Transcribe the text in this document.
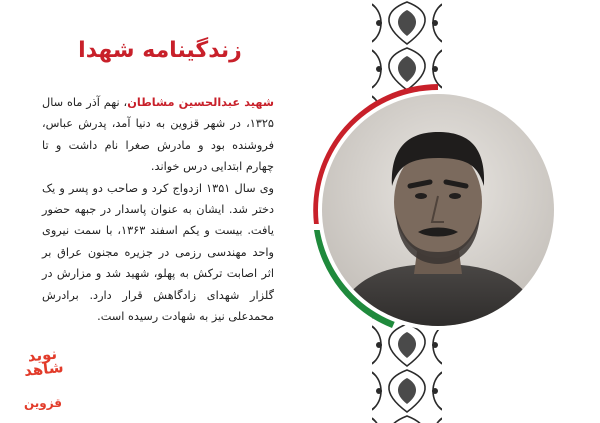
زندگینامه شهدا

شهید عبدالحسین مشاطان، نهم آذر ماه سال ۱۳۲۵، در شهر قزوین به دنیا آمد، پدرش عباس، فروشنده بود و مادرش صغرا نام داشت و تا چهارم ابتدایی درس خواند.

وی سال ۱۳۵۱ ازدواج کرد و صاحب دو پسر و یک دختر شد. ایشان به عنوان پاسدار در جبهه حضور یافت. بیست و یکم اسفند ۱۳۶۳، با سمت نیروی واحد مهندسی رزمی در جزیره مجنون عراق بر اثر اصابت ترکش به پهلو، شهید شد و مزارش در گلزار شهدای زادگاهش قرار دارد. برادرش محمدعلی نیز به شهادت رسیده است.

نوید شاهد
قزوین
